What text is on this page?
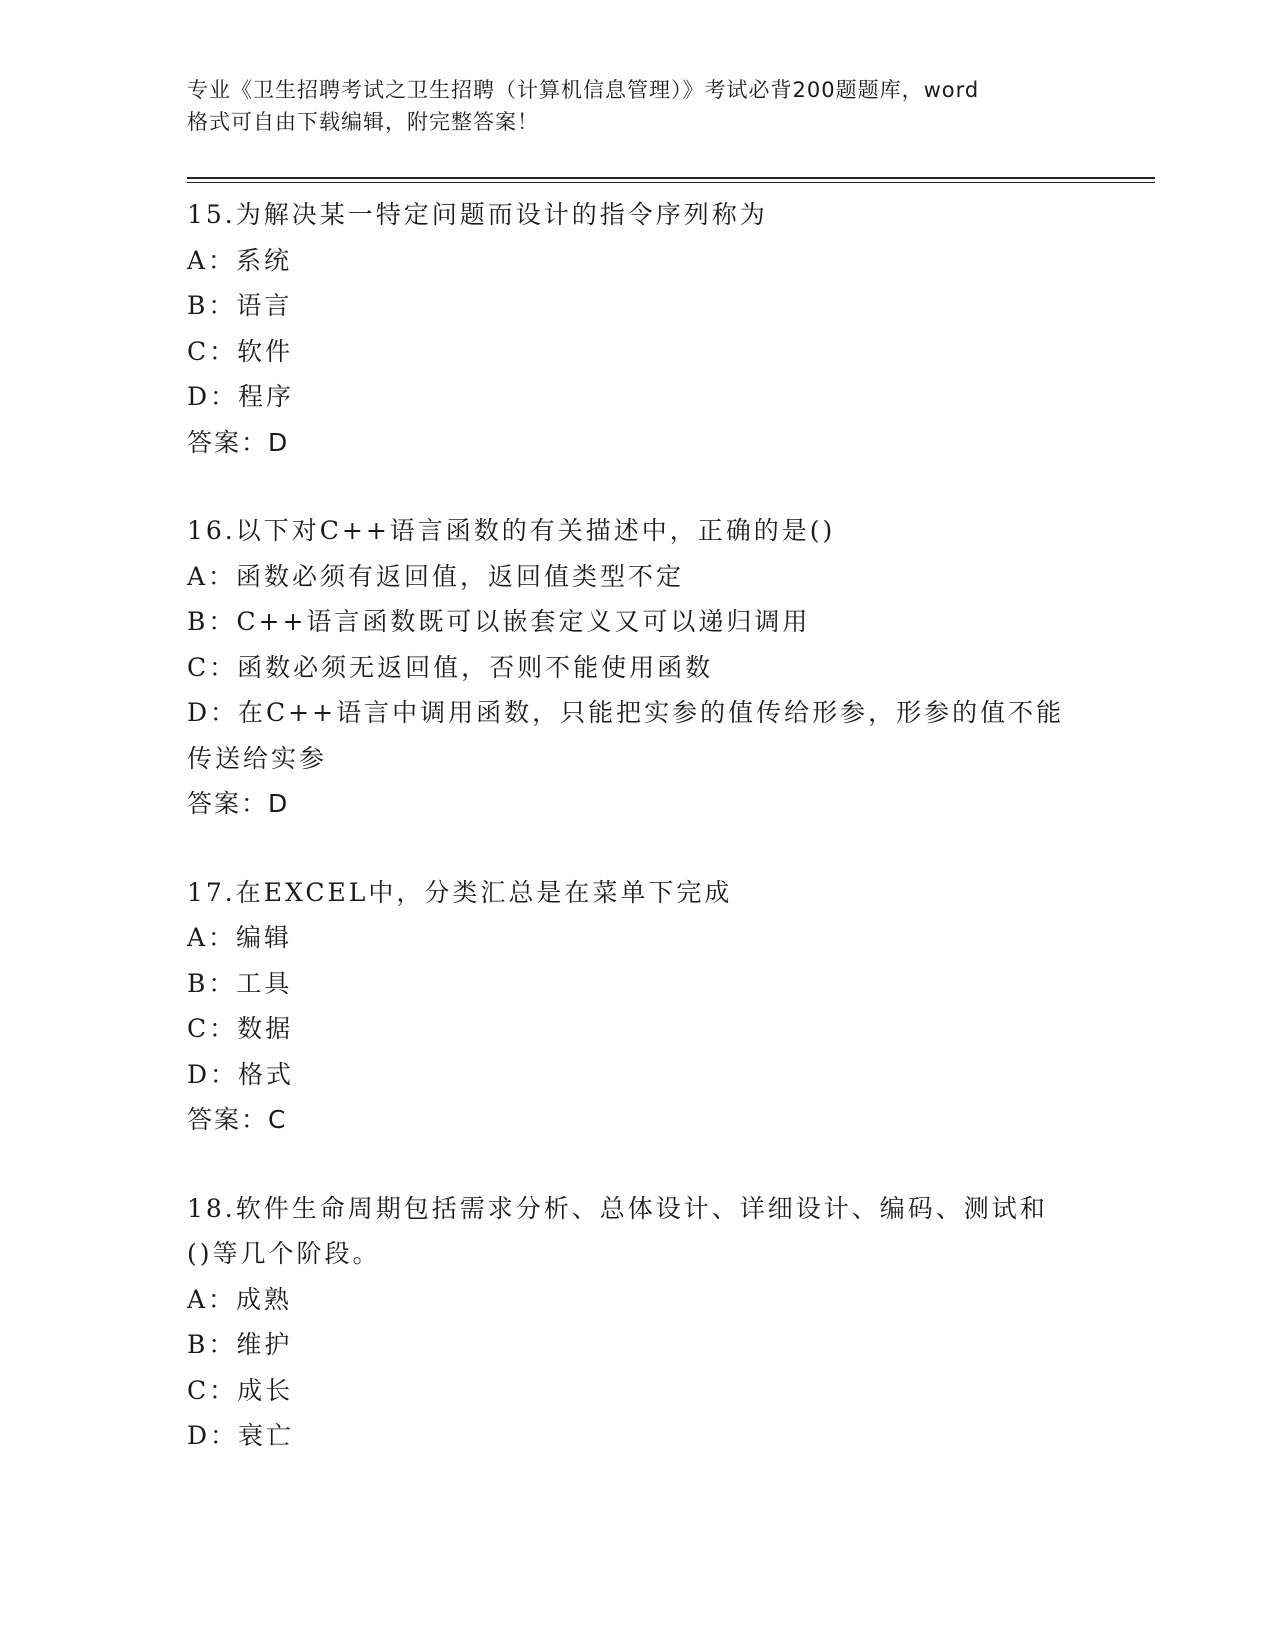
专业《卫生招聘考试之卫生招聘（计算机信息管理）》考试必背200题题库，word
格式可自由下载编辑，附完整答案！
15.为解决某一特定问题而设计的指令序列称为
A：系统
B：语言
C：软件
D：程序
答案：D
16.以下对C++语言函数的有关描述中，正确的是()
A：函数必须有返回值，返回值类型不定
B：C++语言函数既可以嵌套定义又可以递归调用
C：函数必须无返回值，否则不能使用函数
D：在C++语言中调用函数，只能把实参的值传给形参，形参的值不能
传送给实参
答案：D
17.在EXCEL中，分类汇总是在菜单下完成
A：编辑
B：工具
C：数据
D：格式
答案：C
18.软件生命周期包括需求分析、总体设计、详细设计、编码、测试和
()等几个阶段。
A：成熟
B：维护
C：成长
D：衰亡
